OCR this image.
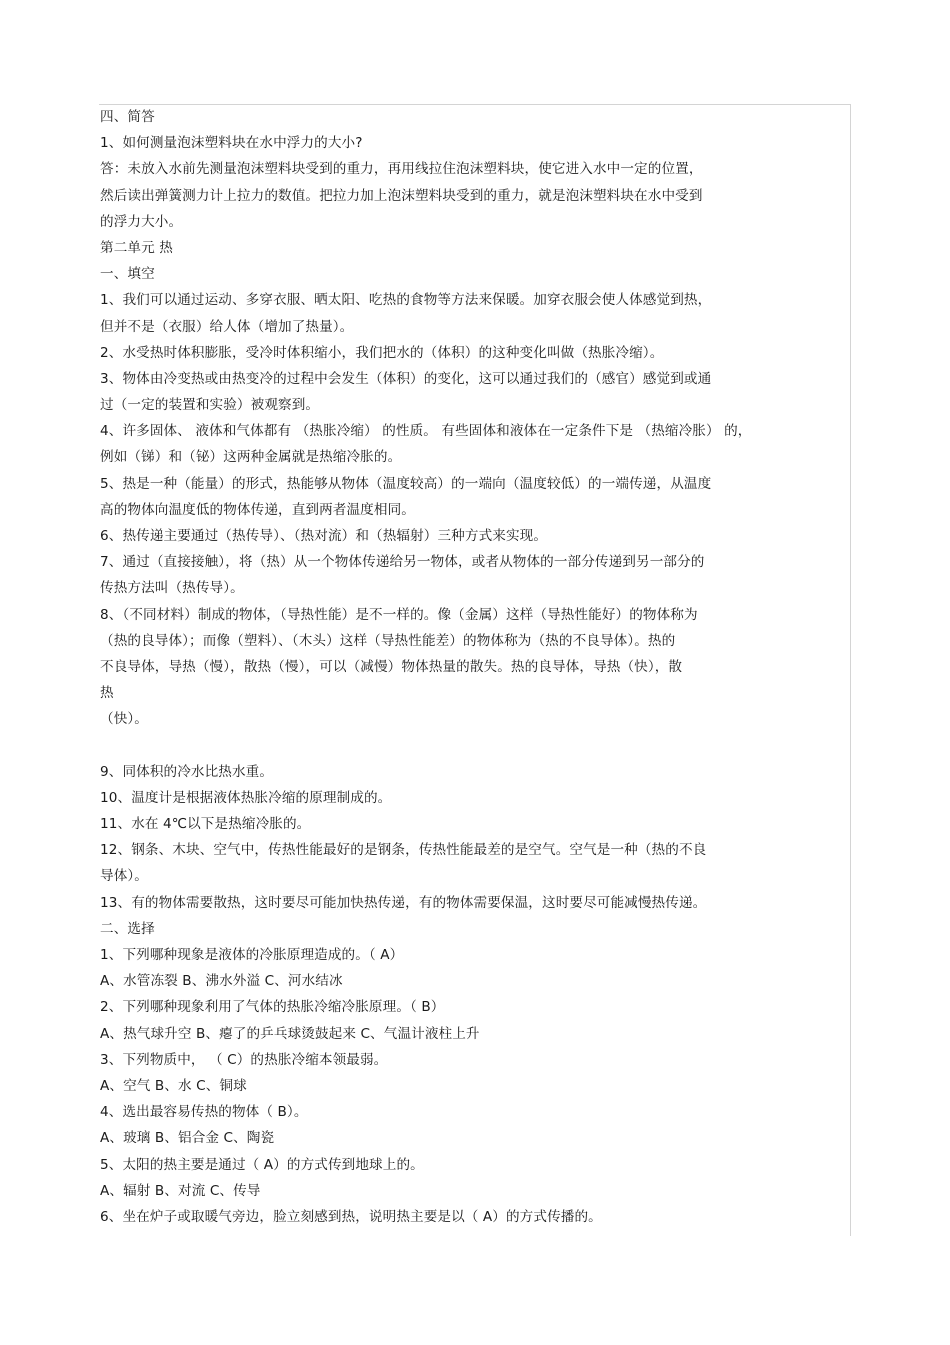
四、简答
1、如何测量泡沫塑料块在水中浮力的大小?
答：未放入水前先测量泡沫塑料块受到的重力，再用线拉住泡沫塑料块，使它进入水中一定的位置，
然后读出弹簧测力计上拉力的数值。把拉力加上泡沫塑料块受到的重力，就是泡沫塑料块在水中受到
的浮力大小。
第二单元 热
一、填空
1、我们可以通过运动、多穿衣服、晒太阳、吃热的食物等方法来保暖。加穿衣服会使人体感觉到热，
但并不是（衣服）给人体（增加了热量）。
2、水受热时体积膨胀，受冷时体积缩小，我们把水的（体积）的这种变化叫做（热胀冷缩）。
3、物体由冷变热或由热变冷的过程中会发生（体积）的变化，这可以通过我们的（感官）感觉到或通
过（一定的装置和实验）被观察到。
4、许多固体、 液体和气体都有 （热胀冷缩） 的性质。 有些固体和液体在一定条件下是 （热缩冷胀） 的，
例如（锑）和（铋）这两种金属就是热缩冷胀的。
5、热是一种（能量）的形式，热能够从物体（温度较高）的一端向（温度较低）的一端传递，从温度
高的物体向温度低的物体传递，直到两者温度相同。
6、热传递主要通过（热传导）、（热对流）和（热辐射）三种方式来实现。
7、通过（直接接触），将（热）从一个物体传递给另一物体，或者从物体的一部分传递到另一部分的
传热方法叫（热传导）。
8、（不同材料）制成的物体，（导热性能）是不一样的。像（金属）这样（导热性能好）的物体称为
（热的良导体）；而像（塑料）、（木头）这样（导热性能差）的物体称为（热的不良导体）。热的
不良导体，导热（慢），散热（慢），可以（减慢）物体热量的散失。热的良导体，导热（快），散
热
（快）。
9、同体积的冷水比热水重。
10、温度计是根据液体热胀冷缩的原理制成的。
11、水在 4℃以下是热缩冷胀的。
12、钢条、木块、空气中，传热性能最好的是钢条，传热性能最差的是空气。空气是一种（热的不良
导体）。
13、有的物体需要散热，这时要尽可能加快热传递，有的物体需要保温，这时要尽可能减慢热传递。
二、选择
1、下列哪种现象是液体的冷胀原理造成的。（ A）
A、水管冻裂 B、沸水外溢 C、河水结冰
2、下列哪种现象利用了气体的热胀冷缩冷胀原理。（ B）
A、热气球升空 B、瘪了的乒乓球烫鼓起来 C、气温计液柱上升
3、下列物质中， （ C）的热胀冷缩本领最弱。
A、空气 B、水 C、铜球
4、选出最容易传热的物体（ B）。
A、玻璃 B、铝合金 C、陶瓷
5、太阳的热主要是通过（ A）的方式传到地球上的。
A、辐射 B、对流 C、传导
6、坐在炉子或取暖气旁边，脸立刻感到热，说明热主要是以（ A）的方式传播的。
